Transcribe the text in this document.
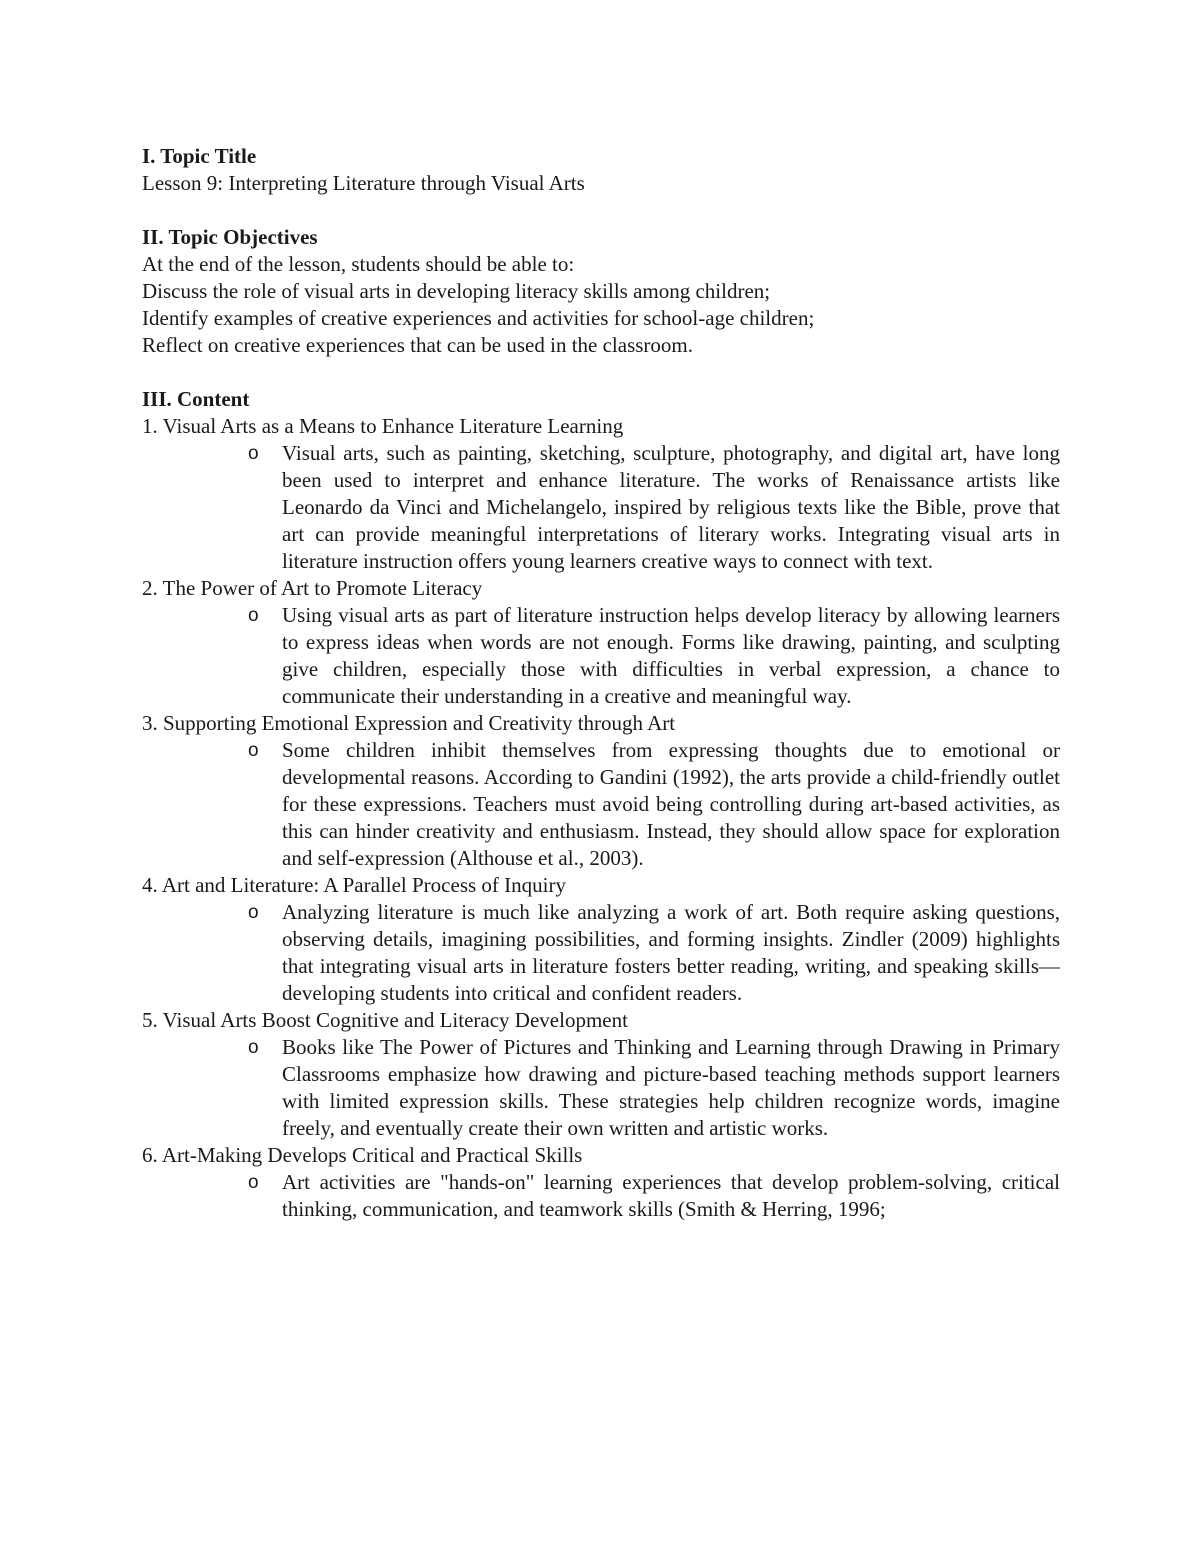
I. Topic Title

Lesson 9: Interpreting Literature through Visual Arts

II. Topic Objectives

At the end of the lesson, students should be able to:

Discuss the role of visual arts in developing literacy skills among children;

Identify examples of creative experiences and activities for school-age children;

Reflect on creative experiences that can be used in the classroom.

III. Content

1. Visual Arts as a Means to Enhance Literature Learning

o Visual arts, such as painting, sketching, sculpture, photography, and digital art, have long been used to interpret and enhance literature. The works of Renaissance artists like Leonardo da Vinci and Michelangelo, inspired by religious texts like the Bible, prove that art can provide meaningful interpretations of literary works. Integrating visual arts in literature instruction offers young learners creative ways to connect with text.

2. The Power of Art to Promote Literacy

o Using visual arts as part of literature instruction helps develop literacy by allowing learners to express ideas when words are not enough. Forms like drawing, painting, and sculpting give children, especially those with difficulties in verbal expression, a chance to communicate their understanding in a creative and meaningful way.

3. Supporting Emotional Expression and Creativity through Art

o Some children inhibit themselves from expressing thoughts due to emotional or developmental reasons. According to Gandini (1992), the arts provide a child-friendly outlet for these expressions. Teachers must avoid being controlling during art-based activities, as this can hinder creativity and enthusiasm. Instead, they should allow space for exploration and self-expression (Althouse et al., 2003).

4. Art and Literature: A Parallel Process of Inquiry

o Analyzing literature is much like analyzing a work of art. Both require asking questions, observing details, imagining possibilities, and forming insights. Zindler (2009) highlights that integrating visual arts in literature fosters better reading, writing, and speaking skills—developing students into critical and confident readers.

5. Visual Arts Boost Cognitive and Literacy Development

o Books like The Power of Pictures and Thinking and Learning through Drawing in Primary Classrooms emphasize how drawing and picture-based teaching methods support learners with limited expression skills. These strategies help children recognize words, imagine freely, and eventually create their own written and artistic works.

6. Art-Making Develops Critical and Practical Skills

o Art activities are "hands-on" learning experiences that develop problem-solving, critical thinking, communication, and teamwork skills (Smith & Herring, 1996;
